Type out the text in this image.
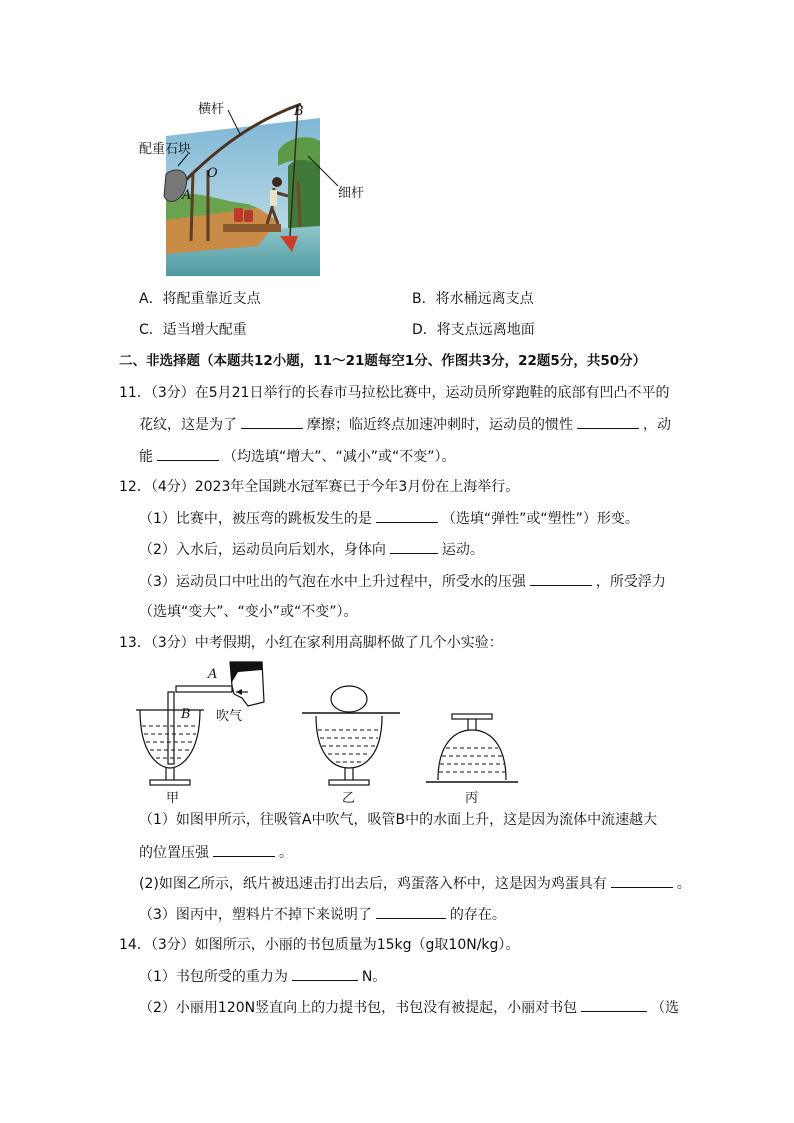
横杆	B
配重石块
O
A	细杆
A．将配重靠近支点	B．将水桶远离支点
C．适当增大配重	D．将支点远离地面
二、非选择题（本题共12小题，11～21题每空1分、作图共3分，22题5分，共50分）
11．（3分）在5月21日举行的长春市马拉松比赛中，运动员所穿跑鞋的底部有凹凸不平的
花纹，这是为了	摩擦；临近终点加速冲刺时，运动员的惯性	，动
能	（均选填“增大”、“减小”或“不变”）。
12．（4分）2023年全国跳水冠军赛已于今年3月份在上海举行。
（1）比赛中，被压弯的跳板发生的是	（选填“弹性”或“塑性”）形变。
（2）入水后，运动员向后划水，身体向	运动。
（3）运动员口中吐出的气泡在水中上升过程中，所受水的压强	，所受浮力
（选填“变大”、“变小”或“不变”）。
13．（3分）中考假期，小红在家利用高脚杯做了几个小实验：
A
B 吹气
甲	乙	丙
（1）如图甲所示，往吸管A中吹气，吸管B中的水面上升，这是因为流体中流速越大
的位置压强	。
(2)如图乙所示，纸片被迅速击打出去后，鸡蛋落入杯中，这是因为鸡蛋具有	。
（3）图丙中，塑料片不掉下来说明了	的存在。
14．（3分）如图所示，小丽的书包质量为15kg（g取10N/kg）。
（1）书包所受的重力为	N。
（2）小丽用120N竖直向上的力提书包，书包没有被提起，小丽对书包	（选
